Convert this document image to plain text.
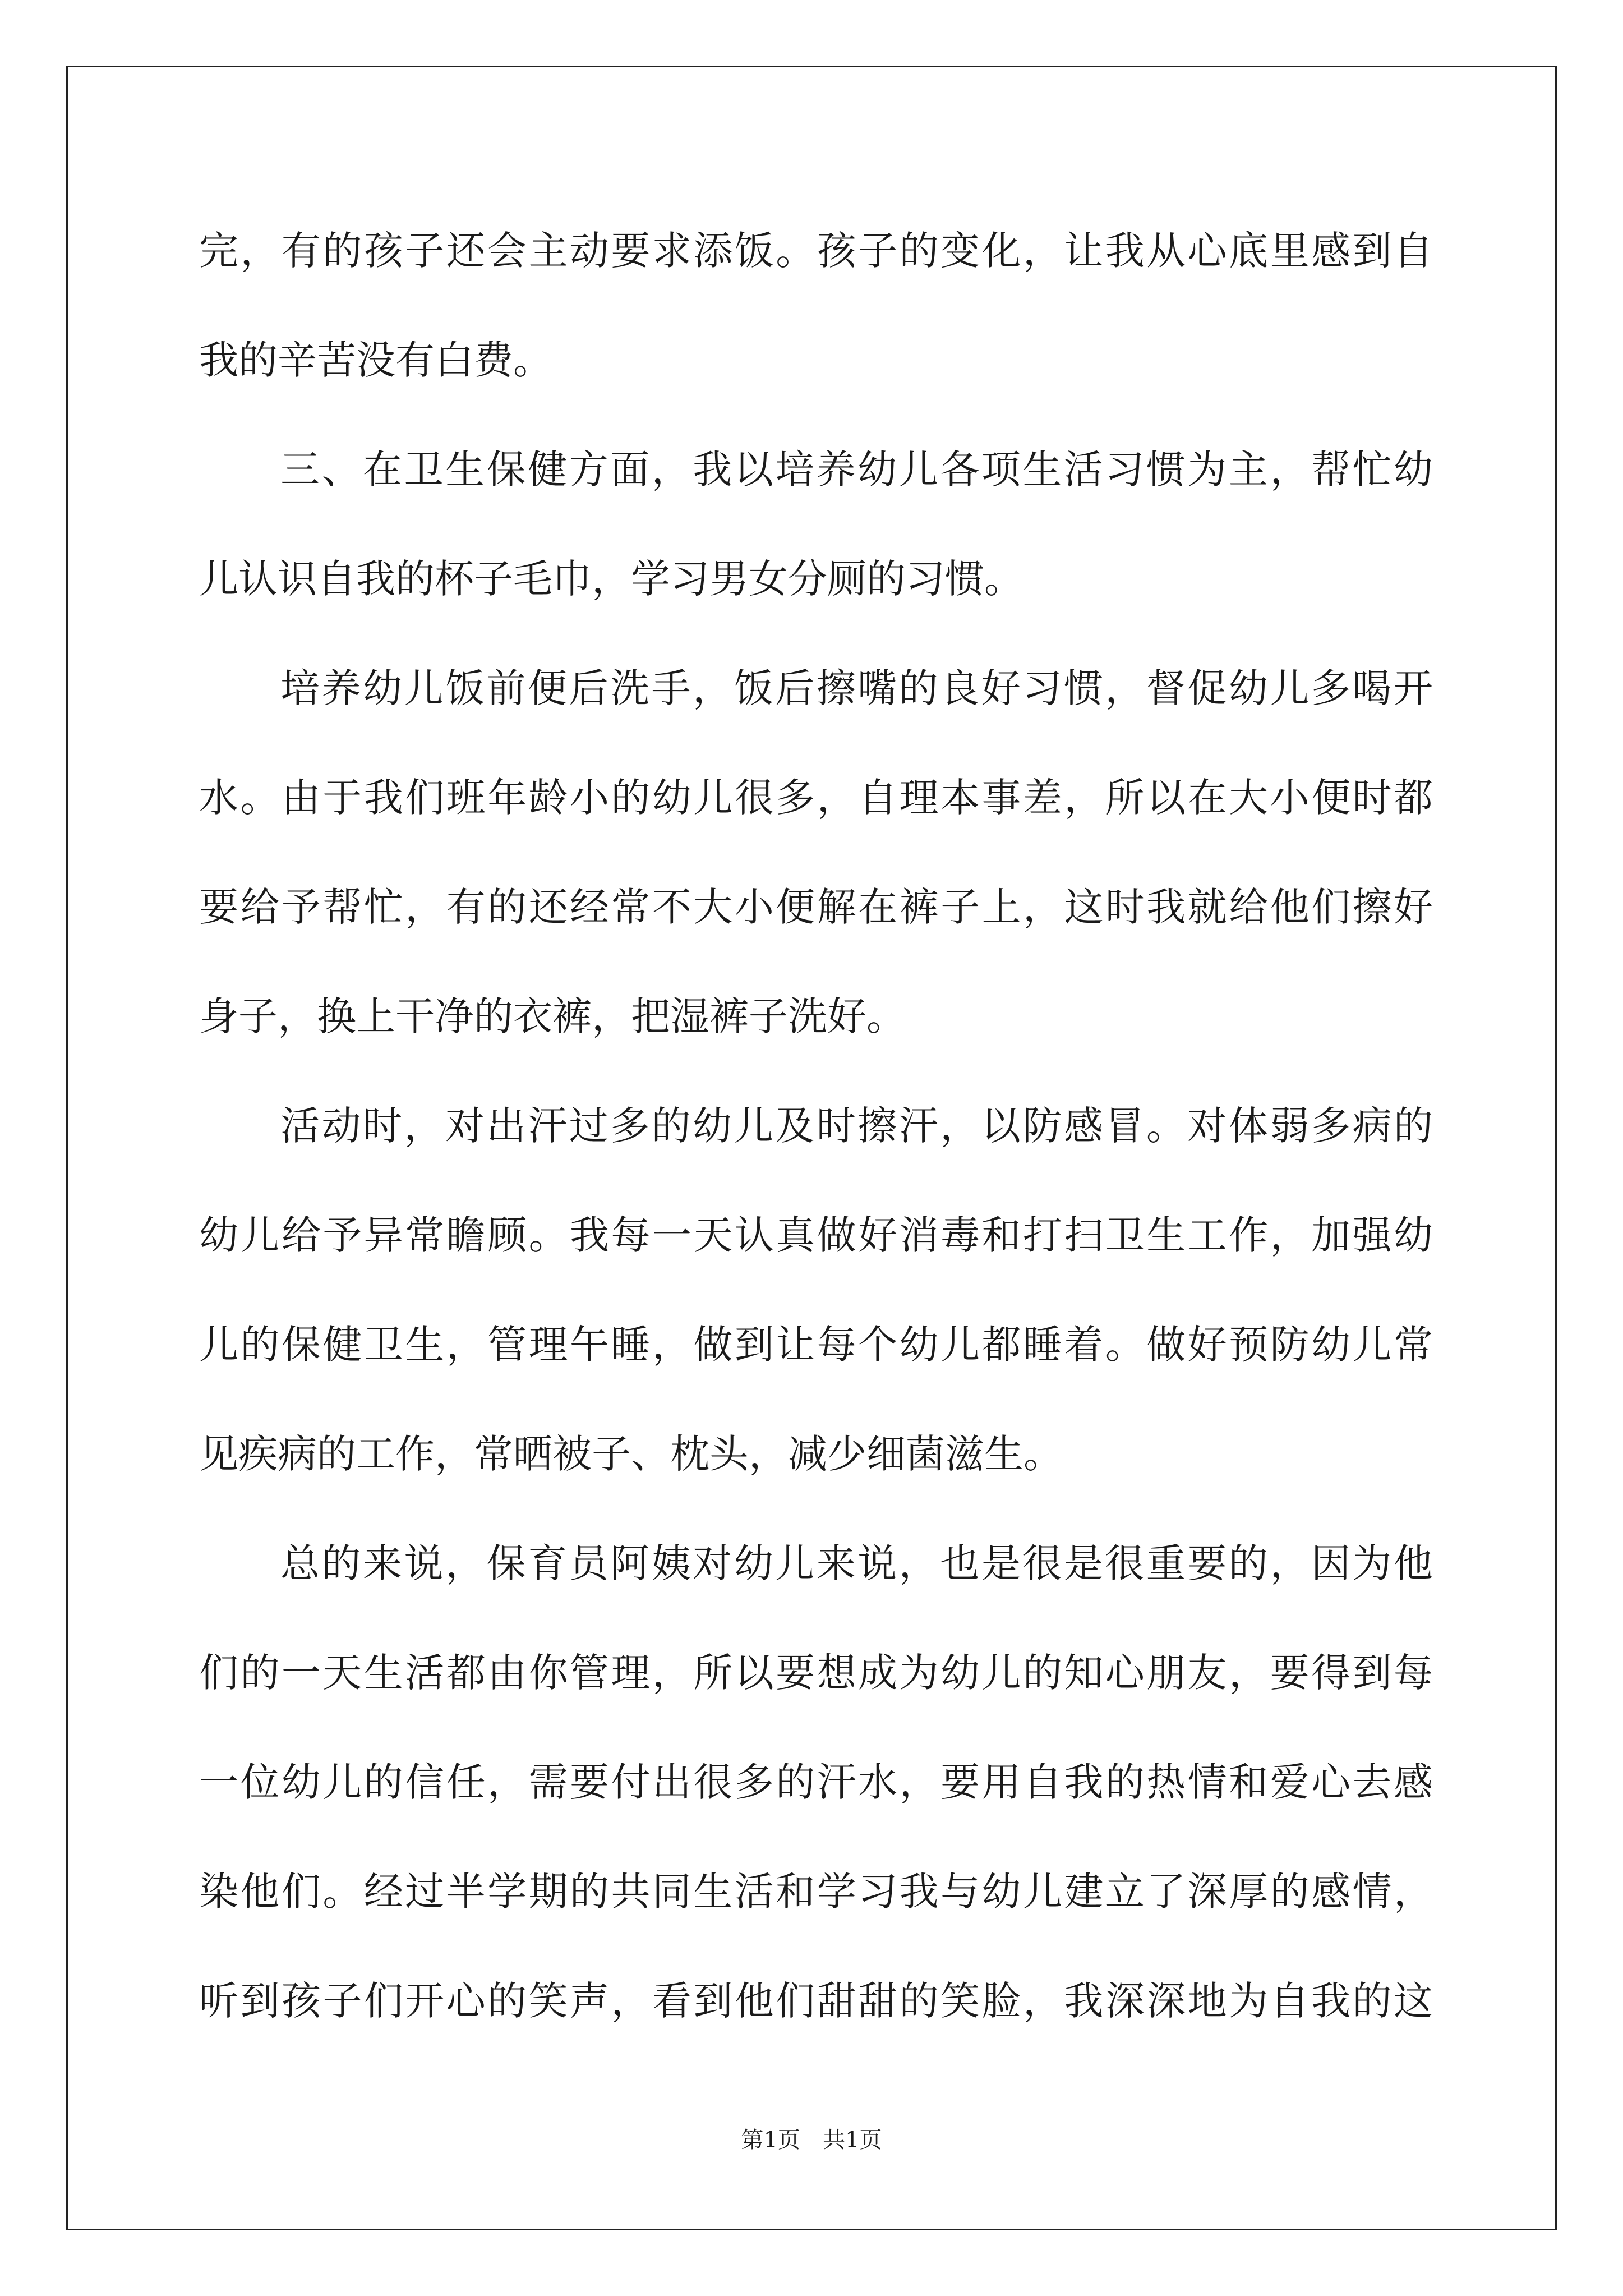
完，有的孩子还会主动要求添饭。孩子的变化，让我从心底里感到自
我的辛苦没有白费。
三、在卫生保健方面，我以培养幼儿各项生活习惯为主，帮忙幼
儿认识自我的杯子毛巾，学习男女分厕的习惯。
培养幼儿饭前便后洗手，饭后擦嘴的良好习惯，督促幼儿多喝开
水。由于我们班年龄小的幼儿很多，自理本事差，所以在大小便时都
要给予帮忙，有的还经常不大小便解在裤子上，这时我就给他们擦好
身子，换上干净的衣裤，把湿裤子洗好。
活动时，对出汗过多的幼儿及时擦汗，以防感冒。对体弱多病的
幼儿给予异常瞻顾。我每一天认真做好消毒和打扫卫生工作，加强幼
儿的保健卫生，管理午睡，做到让每个幼儿都睡着。做好预防幼儿常
见疾病的工作，常晒被子、枕头，减少细菌滋生。
总的来说，保育员阿姨对幼儿来说，也是很是很重要的，因为他
们的一天生活都由你管理，所以要想成为幼儿的知心朋友，要得到每
一位幼儿的信任，需要付出很多的汗水，要用自我的热情和爱心去感
染他们。经过半学期的共同生活和学习我与幼儿建立了深厚的感情，
听到孩子们开心的笑声，看到他们甜甜的笑脸，我深深地为自我的这
第1页　共1页
